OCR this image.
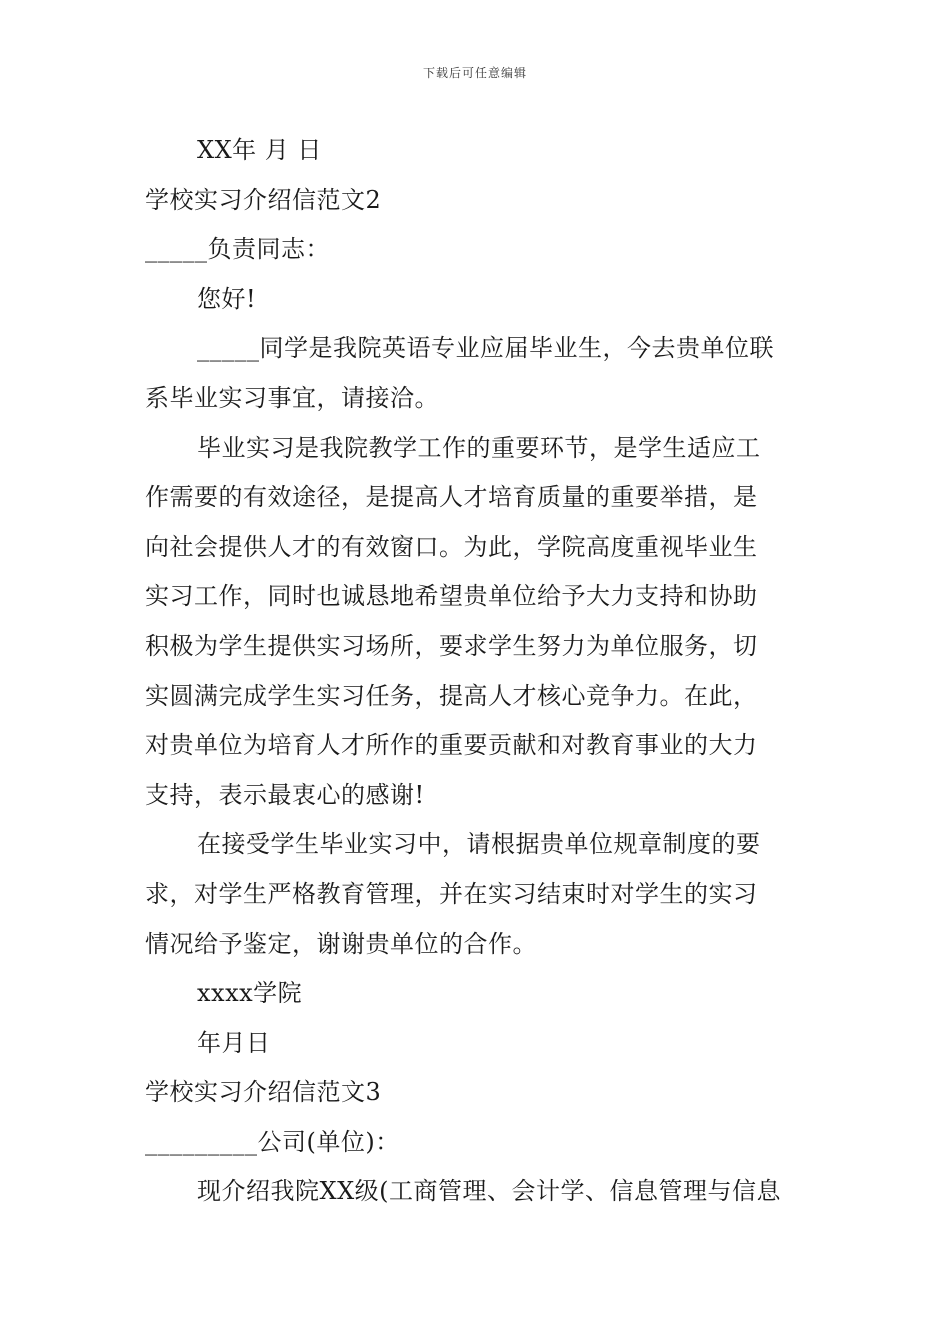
下载后可任意编辑
XX年 月 日
学校实习介绍信范文2
_____负责同志：
您好!
_____同学是我院英语专业应届毕业生，今去贵单位联
系毕业实习事宜，请接洽。
毕业实习是我院教学工作的重要环节，是学生适应工
作需要的有效途径，是提高人才培育质量的重要举措，是
向社会提供人才的有效窗口。为此，学院高度重视毕业生
实习工作，同时也诚恳地希望贵单位给予大力支持和协助
积极为学生提供实习场所，要求学生努力为单位服务，切
实圆满完成学生实习任务，提高人才核心竞争力。在此，
对贵单位为培育人才所作的重要贡献和对教育事业的大力
支持，表示最衷心的感谢!
在接受学生毕业实习中，请根据贵单位规章制度的要
求，对学生严格教育管理，并在实习结束时对学生的实习
情况给予鉴定，谢谢贵单位的合作。
xxxx学院
年月日
学校实习介绍信范文3
_________公司(单位)：
现介绍我院XX级(工商管理、会计学、信息管理与信息
